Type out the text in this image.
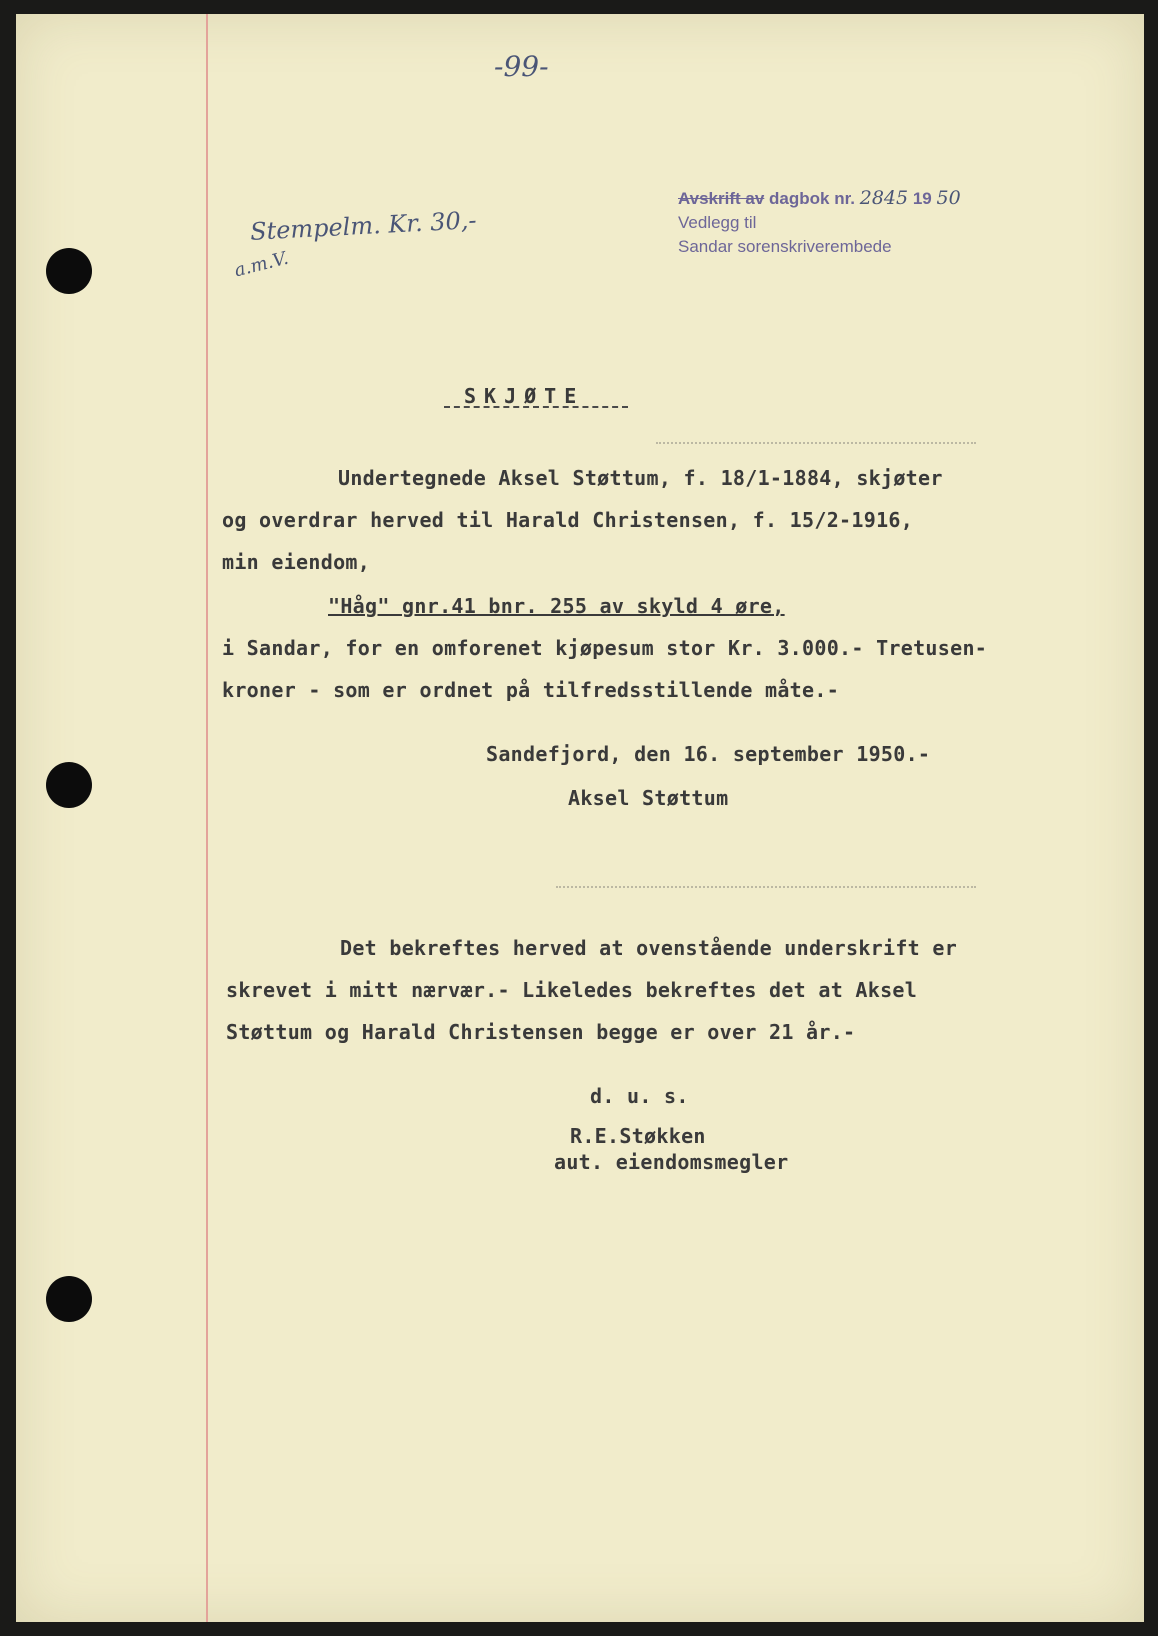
-99-
Stempelm. Kr. 30,-
a.m.V.
Avskrift av dagbok nr. 2845 19 50
Vedlegg til
Sandar sorenskriverembede
SKJØTE
Undertegnede Aksel Støttum, f. 18/1-1884, skjøter
og overdrar herved til Harald Christensen, f. 15/2-1916,
min eiendom,
"Håg" gnr.41 bnr. 255 av skyld 4 øre,
i Sandar, for en omforenet kjøpesum stor Kr. 3.000.- Tretusen-
kroner - som er ordnet på tilfredsstillende måte.-
Sandefjord, den 16. september 1950.-
Aksel Støttum
Det bekreftes herved at ovenstående underskrift er
skrevet i mitt nærvær.- Likeledes bekreftes det at Aksel
Støttum og Harald Christensen begge er over 21 år.-
d. u. s.
R.E.Støkken
aut. eiendomsmegler
